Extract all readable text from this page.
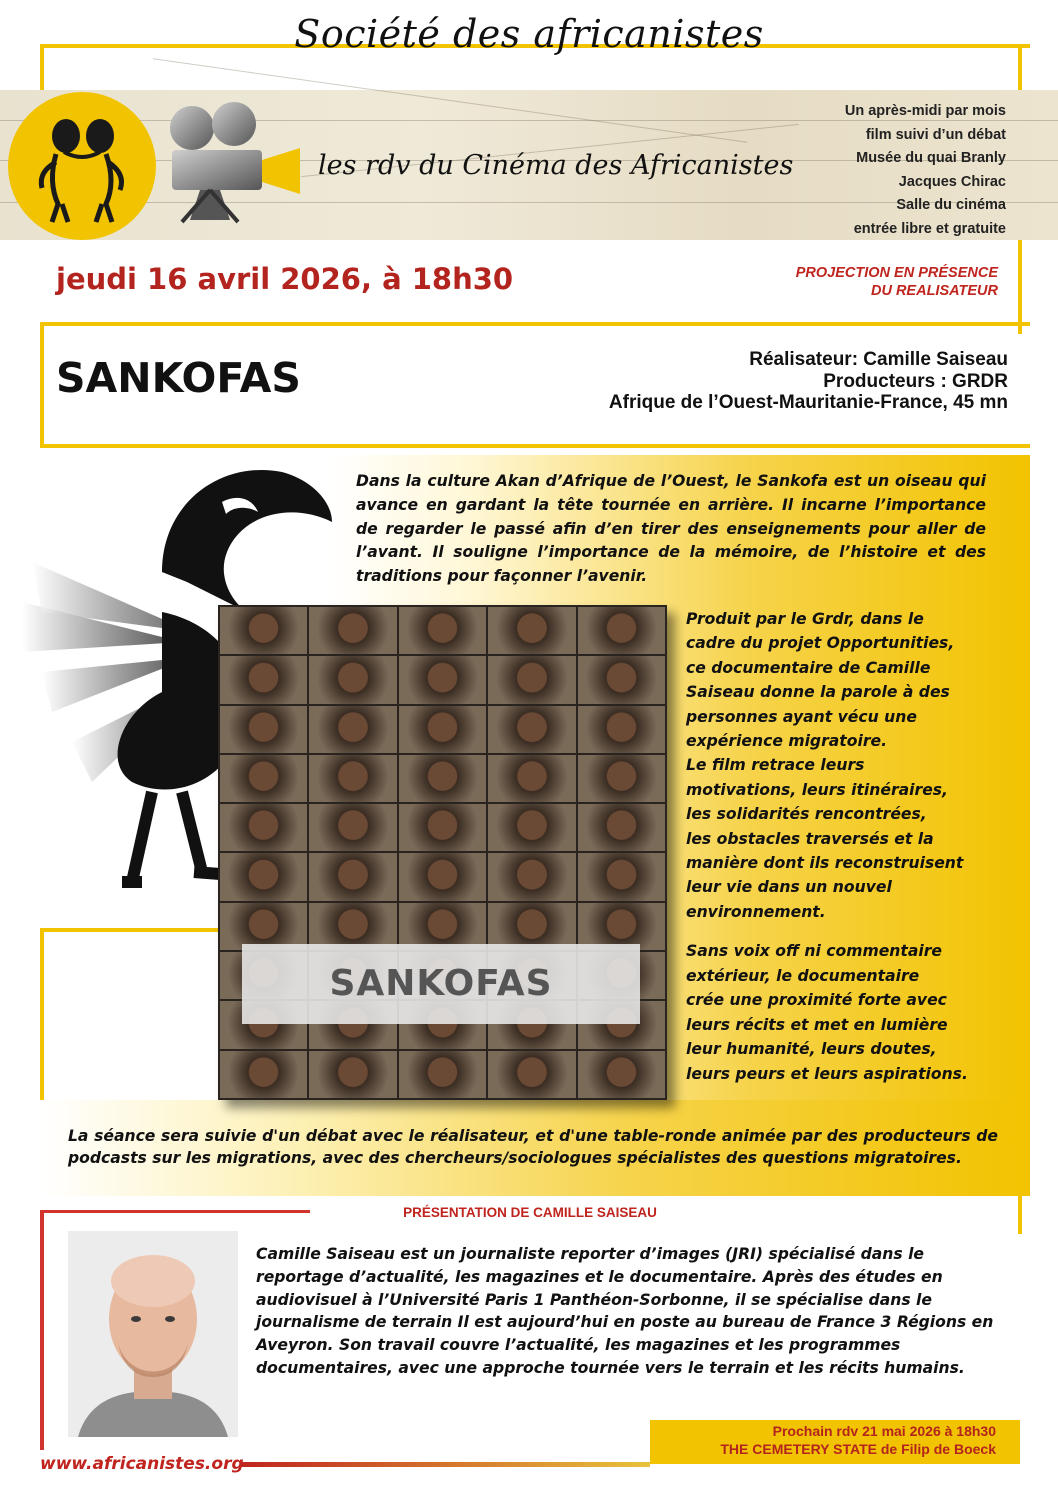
Société des africanistes
les rdv du Cinéma des Africanistes
Un après-midi par mois
film suivi d’un débat
Musée du quai Branly
Jacques Chirac
Salle du cinéma
entrée libre et gratuite
jeudi 16 avril 2026, à 18h30	PROJECTION EN PRÉSENCE
DU REALISATEUR
SANKOFAS	Réalisateur: Camille Saiseau
Producteurs : GRDR
Afrique de l’Ouest-Mauritanie-France, 45 mn
SANKOFAS
Dans la culture Akan d’Afrique de l’Ouest, le Sankofa est un oiseau qui avance en gardant la tête tournée en arrière. Il incarne l’importance de regarder le passé afin d’en tirer des enseignements pour aller de l’avant. Il souligne l’importance de la mémoire, de l’histoire et des traditions pour façonner l’avenir.
Produit par le Grdr, dans le
cadre du projet Opportunities,
ce documentaire de Camille
Saiseau donne la parole à des
personnes ayant vécu une
expérience migratoire.
Le film retrace leurs
motivations, leurs itinéraires,
les solidarités rencontrées,
les obstacles traversés et la
manière dont ils reconstruisent
leur vie dans un nouvel
environnement.
Sans voix off ni commentaire
extérieur, le documentaire
crée une proximité forte avec
leurs récits et met en lumière
leur humanité, leurs doutes,
leurs peurs et leurs aspirations.
La séance sera suivie d'un débat avec le réalisateur, et d'une table-ronde animée par des producteurs de podcasts sur les migrations, avec des chercheurs/sociologues spécialistes des questions migratoires.
PRÉSENTATION DE CAMILLE SAISEAU
Camille Saiseau est un journaliste reporter d’images (JRI) spécialisé dans le reportage d’actualité, les magazines et le documentaire. Après des études en audiovisuel à l’Université Paris 1 Panthéon-Sorbonne, il se spécialise dans le journalisme de terrain Il est aujourd’hui en poste au bureau de France 3 Régions en Aveyron. Son travail couvre l’actualité, les magazines et les programmes documentaires, avec une approche tournée vers le terrain et les récits humains.
www.africanistes.org
Prochain rdv 21 mai 2026 à 18h30
THE CEMETERY STATE de Filip de Boeck
